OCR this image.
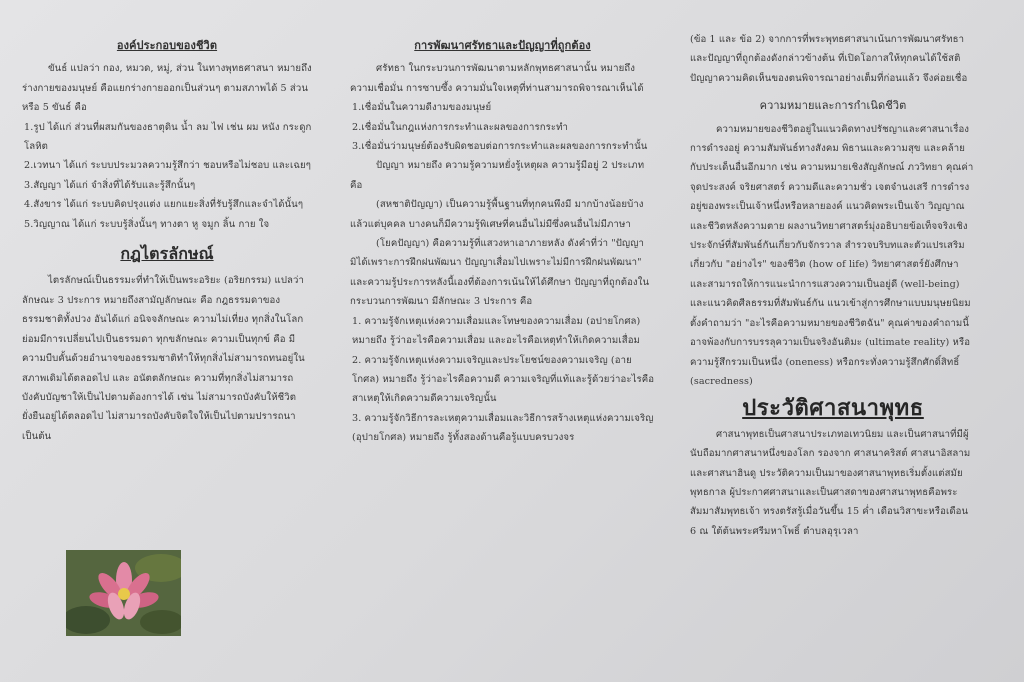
องค์ประกอบของชีวิต

ขันธ์ แปลว่า กอง, หมวด, หมู่, ส่วน ในทางพุทธศาสนา หมายถึงร่างกายของมนุษย์ คือแยกร่างกายออกเป็นส่วนๆ ตามสภาพได้ 5 ส่วน หรือ 5 ขันธ์ คือ

1.รูป ได้แก่ ส่วนที่ผสมกันของธาตุดิน น้ำ ลม ไฟ เช่น ผม หนัง กระดูก โลหิต

2.เวทนา ได้แก่ ระบบประมวลความรู้สึกว่า ชอบหรือไม่ชอบ และเฉยๆ

3.สัญญา ได้แก่ จำสิ่งที่ได้รับและรู้สึกนั้นๆ

4.สังขาร ได้แก่ ระบบคิดปรุงแต่ง แยกแยะสิ่งที่รับรู้สึกและจำได้นั้นๆ

5.วิญญาณ ได้แก่ ระบบรู้สิ่งนั้นๆ ทางตา หู จมูก ลิ้น กาย ใจ

กฎไตรลักษณ์

ไตรลักษณ์เป็นธรรมะที่ทำให้เป็นพระอริยะ (อริยกรรม) แปลว่า ลักษณะ 3 ประการ หมายถึงสามัญลักษณะ คือ กฎธรรมดาของธรรมชาติทั้งปวง อันได้แก่ อนิจจลักษณะ ความไม่เที่ยง ทุกสิ่งในโลกย่อมมีการเปลี่ยนไปเป็นธรรมดา ทุกขลักษณะ ความเป็นทุกข์ คือ มีความบีบคั้นด้วยอำนาจของธรรมชาติทำให้ทุกสิ่งไม่สามารถทนอยู่ในสภาพเดิมได้ตลอดไป และ อนัตตลักษณะ ความที่ทุกสิ่งไม่สามารถบังคับบัญชาให้เป็นไปตามต้องการได้ เช่น ไม่สามารถบังคับให้ชีวิตยั่งยืนอยู่ได้ตลอดไป ไม่สามารถบังคับจิตใจให้เป็นไปตามปรารถนา เป็นต้น

การพัฒนาศรัทธาและปัญญาที่ถูกต้อง

ศรัทธา ในกระบวนการพัฒนาตามหลักพุทธศาสนานั้น หมายถึง ความเชื่อมั่น การซาบซึ้ง ความมั่นใจเหตุที่ท่านสามารถพิจารณาเห็นได้

1.เชื่อมั่นในความดีงามของมนุษย์

2.เชื่อมั่นในกฎแห่งการกระทำและผลของการกระทำ

3.เชื่อมั่นว่ามนุษย์ต้องรับผิดชอบต่อการกระทำและผลของการกระทำนั้น

ปัญญา หมายถึง ความรู้ความหยั่งรู้เหตุผล ความรู้มีอยู่ 2 ประเภท คือ

(สหชาติปัญญา) เป็นความรู้พื้นฐานที่ทุกคนพึงมี มากบ้างน้อยบ้างแล้วแต่บุคคล บางคนก็มีความรู้พิเศษที่คนอื่นไม่มีซึ่งคนอื่นไม่มีภาษา

(โยคปัญญา) คือความรู้ที่แสวงหาเอาภายหลัง ดังคำที่ว่า "ปัญญามิได้เพราะการฝึกฝนพัฒนา ปัญญาเสื่อมไปเพราะไม่มีการฝึกฝนพัฒนา" และความรู้ประการหลังนี้เองที่ต้องการเน้นให้ได้ศึกษา ปัญญาที่ถูกต้องในกระบวนการพัฒนา มีลักษณะ 3 ประการ คือ

1. ความรู้จักเหตุแห่งความเสื่อมและโทษของความเสื่อม (อปายโกศล) หมายถึง รู้ว่าอะไรคือความเสื่อม และอะไรคือเหตุทำให้เกิดความเสื่อม

2. ความรู้จักเหตุแห่งความเจริญและประโยชน์ของความเจริญ (อายโกศล) หมายถึง รู้ว่าอะไรคือความดี ความเจริญที่แท้และรู้ด้วยว่าอะไรคือสาเหตุให้เกิดความดีความเจริญนั้น

3. ความรู้จักวิธีการละเหตุความเสื่อมและวิธีการสร้างเหตุแห่งความเจริญ (อุปายโกศล) หมายถึง รู้ทั้งสองด้านคือรู้แบบครบวงจร

(ข้อ 1 และ ข้อ 2) จากการที่พระพุทธศาสนาเน้นการพัฒนาศรัทธาและปัญญาที่ถูกต้องดังกล่าวข้างต้น ที่เปิดโอกาสให้ทุกคนได้ใช้สติปัญญาความคิดเห็นของตนพิจารณาอย่างเต็มที่ก่อนแล้ว จึงค่อยเชื่อ

ความหมายและการกำเนิดชีวิต

ความหมายของชีวิตอยู่ในแนวคิดทางปรัชญาและศาสนาเรื่องการดำรงอยู่ ความสัมพันธ์ทางสังคม พิธานและความสุข และคล้ายกับประเด็นอื่นอีกมาก เช่น ความหมายเชิงสัญลักษณ์ ภววิทยา คุณค่า จุดประสงค์ จริยศาสตร์ ความดีและความชั่ว เจตจำนงเสรี การดำรงอยู่ของพระเป็นเจ้าหนึ่งหรือหลายองค์ แนวคิดพระเป็นเจ้า วิญญาณและชีวิตหลังความตาย ผลงานวิทยาศาสตร์มุ่งอธิบายข้อเท็จจริงเชิงประจักษ์ที่สัมพันธ์กันเกี่ยวกับจักรวาล สำรวจบริบทและตัวแปรเสริมเกี่ยวกับ "อย่างไร" ของชีวิต (how of life) วิทยาศาสตร์ยังศึกษาและสามารถให้การแนะนำการแสวงความเป็นอยู่ดี (well-being) และแนวคิดศีลธรรมที่สัมพันธ์กัน แนวเข้าสู่การศึกษาแบบมนุษยนิยมตั้งคำถามว่า "อะไรคือความหมายของชีวิตฉัน" คุณค่าของคำถามนี้อาจพ้องกับการบรรลุความเป็นจริงอันติมะ (ultimate reality) หรือความรู้สึกรวมเป็นหนึ่ง (oneness) หรือกระทั่งความรู้สึกศักดิ์สิทธิ์ (sacredness)

ประวัติศาสนาพุทธ

ศาสนาพุทธเป็นศาสนาประเภทอเทวนิยม และเป็นศาสนาที่มีผู้นับถือมากศาสนาหนึ่งของโลก รองจาก ศาสนาคริสต์ ศาสนาอิสลาม และศาสนาฮินดู ประวัติความเป็นมาของศาสนาพุทธเริ่มตั้งแต่สมัยพุทธกาล ผู้ประกาศศาสนาและเป็นศาสดาของศาสนาพุทธคือพระสัมมาสัมพุทธเจ้า ทรงตรัสรู้เมื่อวันขึ้น 15 ค่ำ เดือนวิสาขะหรือเดือน 6 ณ ใต้ต้นพระศรีมหาโพธิ์ ตำบลอุรุเวลา
